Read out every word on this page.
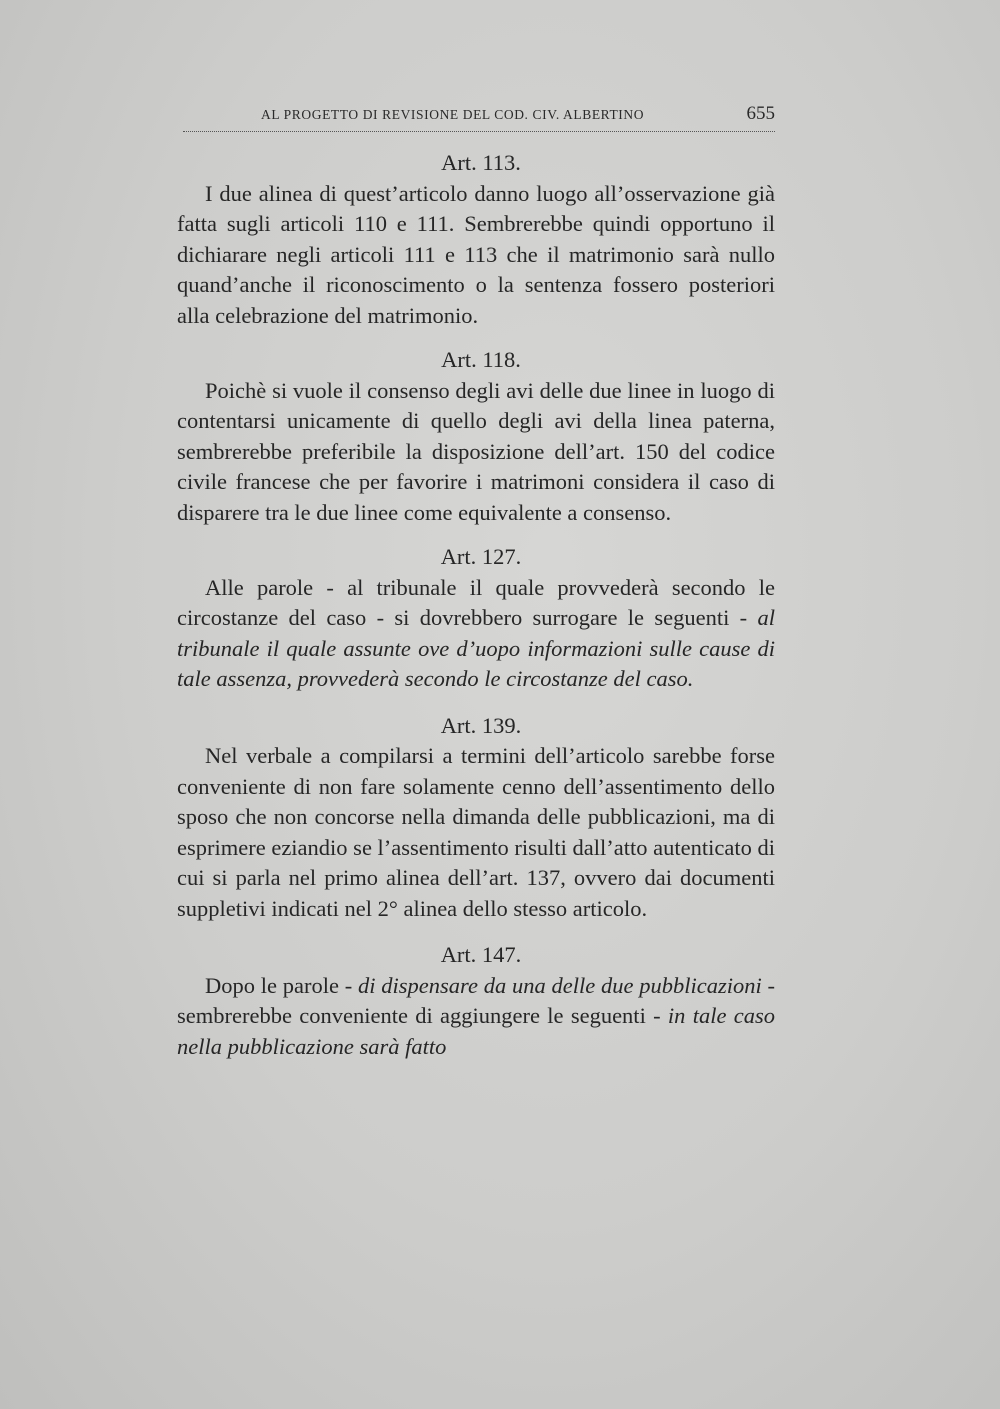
AL PROGETTO DI REVISIONE DEL COD. CIV. ALBERTINO	655

Art. 113.

I due alinea di quest’articolo danno luogo all’osservazione già fatta sugli articoli 110 e 111. Sembrerebbe quindi opportuno il dichiarare negli articoli 111 e 113 che il matrimonio sarà nullo quand’anche il riconoscimento o la sentenza fossero posteriori alla celebrazione del matrimonio.

Art. 118.

Poichè si vuole il consenso degli avi delle due linee in luogo di contentarsi unicamente di quello degli avi della linea paterna, sembrerebbe preferibile la disposizione dell’art. 150 del codice civile francese che per favorire i matrimoni considera il caso di disparere tra le due linee come equivalente a consenso.

Art. 127.

Alle parole - al tribunale il quale provvederà secondo le circostanze del caso - si dovrebbero surrogare le seguenti - al tribunale il quale assunte ove d’uopo informazioni sulle cause di tale assenza, provvederà secondo le circostanze del caso.

Art. 139.

Nel verbale a compilarsi a termini dell’articolo sarebbe forse conveniente di non fare solamente cenno dell’assentimento dello sposo che non concorse nella dimanda delle pubblicazioni, ma di esprimere eziandio se l’assentimento risulti dall’atto autenticato di cui si parla nel primo alinea dell’art. 137, ovvero dai documenti suppletivi indicati nel 2° alinea dello stesso articolo.

Art. 147.

Dopo le parole - di dispensare da una delle due pubblicazioni - sembrerebbe conveniente di aggiungere le seguenti - in tale caso nella pubblicazione sarà fatto
